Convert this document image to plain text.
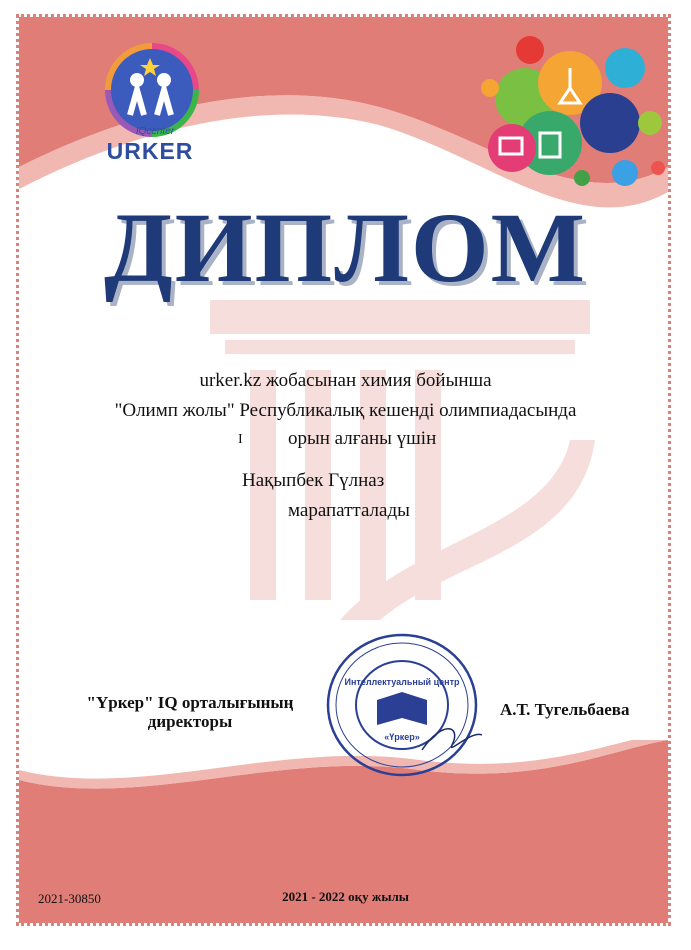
IQcenter
URKER
ДИПЛОМ
urker.kz жобасынан химия бойынша
"Олимп жолы" Республикалық кешенді олимпиадасында
I орын алғаны үшін
Нақыпбек Гүлназ
марапатталады
"Үркер" IQ орталығының
директоры
А.Т. Тугельбаева
Интеллектуальный центр
«Үркер»
2021-30850	2021 - 2022 оқу жылы
